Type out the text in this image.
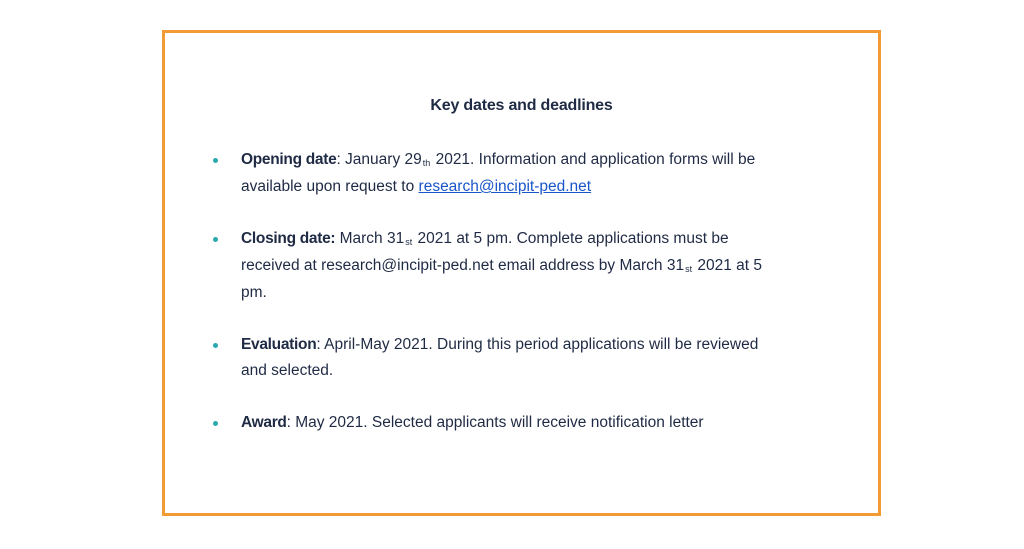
Key dates and deadlines
Opening date: January 29th 2021. Information and application forms will be available upon request to research@incipit-ped.net
Closing date: March 31st 2021 at 5 pm. Complete applications must be received at research@incipit-ped.net email address by March 31st 2021 at 5 pm.
Evaluation: April-May 2021. During this period applications will be reviewed and selected.
Award: May 2021. Selected applicants will receive notification letter
